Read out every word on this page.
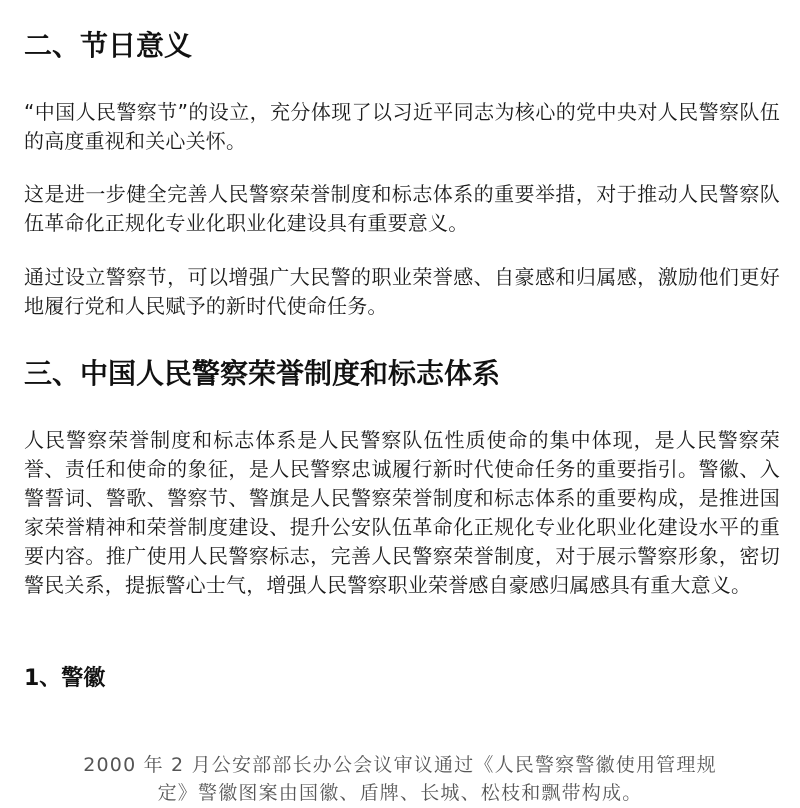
二、节日意义

“中国人民警察节”的设立，充分体现了以习近平同志为核心的党中央对人民警察队伍的高度重视和关心关怀。

这是进一步健全完善人民警察荣誉制度和标志体系的重要举措，对于推动人民警察队伍革命化正规化专业化职业化建设具有重要意义。

通过设立警察节，可以增强广大民警的职业荣誉感、自豪感和归属感，激励他们更好地履行党和人民赋予的新时代使命任务。

三、中国人民警察荣誉制度和标志体系

人民警察荣誉制度和标志体系是人民警察队伍性质使命的集中体现，是人民警察荣誉、责任和使命的象征，是人民警察忠诚履行新时代使命任务的重要指引。警徽、入警誓词、警歌、警察节、警旗是人民警察荣誉制度和标志体系的重要构成，是推进国家荣誉精神和荣誉制度建设、提升公安队伍革命化正规化专业化职业化建设水平的重要内容。推广使用人民警察标志，完善人民警察荣誉制度，对于展示警察形象，密切警民关系，提振警心士气，增强人民警察职业荣誉感自豪感归属感具有重大意义。

1、警徽

2000 年 2 月公安部部长办公会议审议通过《人民警察警徽使用管理规

定》警徽图案由国徽、盾牌、长城、松枝和飘带构成。
